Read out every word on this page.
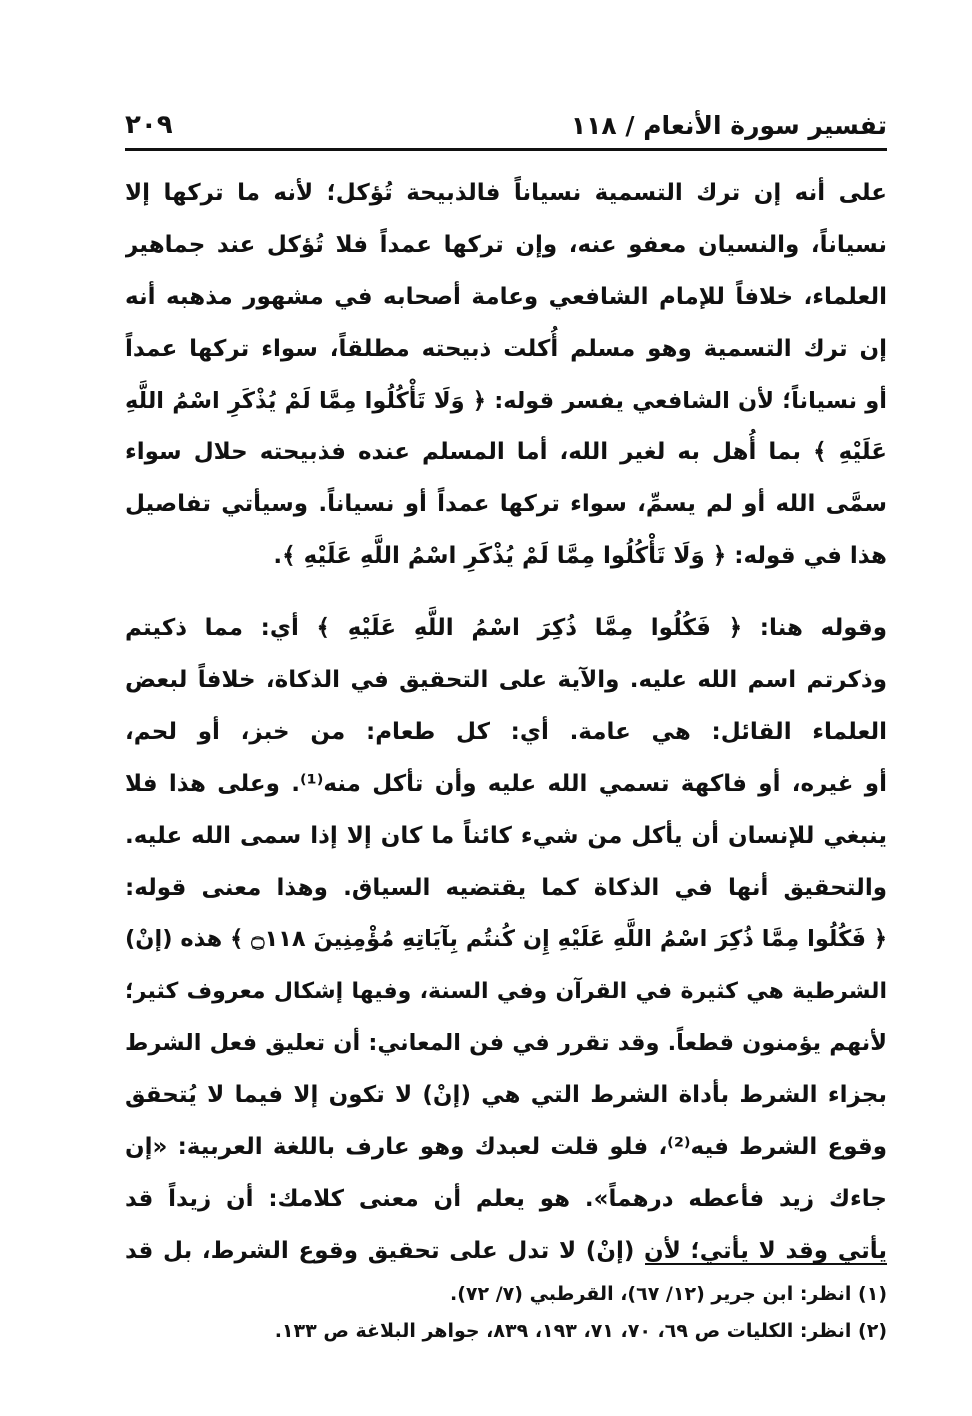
تفسير سورة الأنعام / ١١٨
٢٠٩
على أنه إن ترك التسمية نسياناً فالذبيحة تُؤكل؛ لأنه ما تركها إلا
نسياناً، والنسيان معفو عنه، وإن تركها عمداً فلا تُؤكل عند جماهير
العلماء، خلافاً للإمام الشافعي وعامة أصحابه في مشهور مذهبه أنه
إن ترك التسمية وهو مسلم أُكلت ذبيحته مطلقاً، سواء تركها عمداً
أو نسياناً؛ لأن الشافعي يفسر قوله: ﴿ وَلَا تَأْكُلُوا مِمَّا لَمْ يُذْكَرِ اسْمُ اللَّهِ
عَلَيْهِ ﴾ بما أُهل به لغير الله، أما المسلم عنده فذبيحته حلال سواء
سمَّى الله أو لم يسمِّ، سواء تركها عمداً أو نسياناً. وسيأتي تفاصيل
هذا في قوله: ﴿ وَلَا تَأْكُلُوا مِمَّا لَمْ يُذْكَرِ اسْمُ اللَّهِ عَلَيْهِ ﴾.
وقوله هنا: ﴿ فَكُلُوا مِمَّا ذُكِرَ اسْمُ اللَّهِ عَلَيْهِ ﴾ أي: مما ذكيتم
وذكرتم اسم الله عليه. والآية على التحقيق في الذكاة، خلافاً لبعض
العلماء القائل: هي عامة. أي: كل طعام: من خبز، أو لحم،
أو غيره، أو فاكهة تسمي الله عليه وأن تأكل منه⁽¹⁾. وعلى هذا فلا
ينبغي للإنسان أن يأكل من شيء كائناً ما كان إلا إذا سمى الله عليه.
والتحقيق أنها في الذكاة كما يقتضيه السياق. وهذا معنى قوله:
﴿ فَكُلُوا مِمَّا ذُكِرَ اسْمُ اللَّهِ عَلَيْهِ إِن كُنتُم بِآيَاتِهِ مُؤْمِنِينَ ۝١١٨ ﴾ هذه (إنْ)
الشرطية هي كثيرة في القرآن وفي السنة، وفيها إشكال معروف كثير؛
لأنهم يؤمنون قطعاً. وقد تقرر في فن المعاني: أن تعليق فعل الشرط
بجزاء الشرط بأداة الشرط التي هي (إنْ) لا تكون إلا فيما لا يُتحقق
وقوع الشرط فيه⁽²⁾، فلو قلت لعبدك وهو عارف باللغة العربية: «إن
جاءك زيد فأعطه درهماً». هو يعلم أن معنى كلامك: أن زيداً قد
يأتي وقد لا يأتي؛ لأن (إنْ) لا تدل على تحقيق وقوع الشرط، بل قد
(١) انظر: ابن جرير (١٢/ ٦٧)، القرطبي (٧/ ٧٢).
(٢) انظر: الكليات ص ٦٩، ٧٠، ٧١، ١٩٣، ٨٣٩، جواهر البلاغة ص ١٣٣.
